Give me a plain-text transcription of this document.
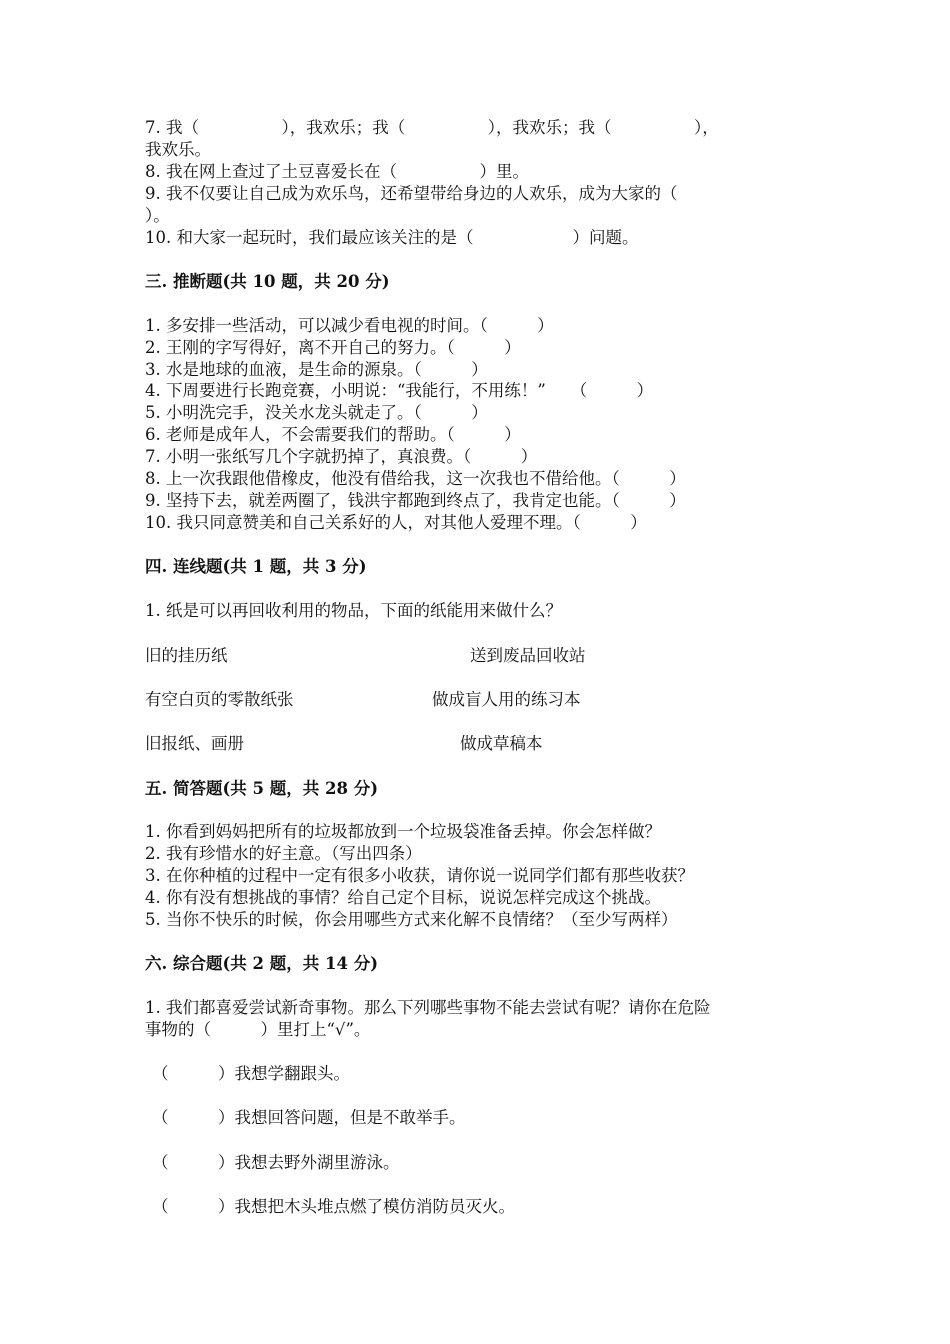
7. 我（　　　　　），我欢乐；我（　　　　　），我欢乐；我（　　　　　），
我欢乐。
8. 我在网上查过了土豆喜爱长在（　　　　　）里。
9. 我不仅要让自己成为欢乐鸟，还希望带给身边的人欢乐，成为大家的（
）。
10. 和大家一起玩时，我们最应该关注的是（　　　　　　）问题。
三. 推断题(共 10 题，共 20 分)
1. 多安排一些活动，可以减少看电视的时间。（　　　）
2. 王刚的字写得好，离不开自己的努力。（　　　）
3. 水是地球的血液，是生命的源泉。（　　　）
4. 下周要进行长跑竞赛，小明说：“我能行，不用练！”　　（　　　）
5. 小明洗完手，没关水龙头就走了。（　　　）
6. 老师是成年人，不会需要我们的帮助。（　　　）
7. 小明一张纸写几个字就扔掉了，真浪费。（　　　）
8. 上一次我跟他借橡皮，他没有借给我，这一次我也不借给他。（　　　）
9. 坚持下去，就差两圈了，钱洪宇都跑到终点了，我肯定也能。（　　　）
10. 我只同意赞美和自己关系好的人，对其他人爱理不理。（　　　）
四. 连线题(共 1 题，共 3 分)
1. 纸是可以再回收利用的物品，下面的纸能用来做什么？
旧的挂历纸	送到废品回收站
有空白页的零散纸张	做成盲人用的练习本
旧报纸、画册	做成草稿本
五. 简答题(共 5 题，共 28 分)
1. 你看到妈妈把所有的垃圾都放到一个垃圾袋准备丢掉。你会怎样做？
2. 我有珍惜水的好主意。（写出四条）
3. 在你种植的过程中一定有很多小收获，请你说一说同学们都有那些收获？
4. 你有没有想挑战的事情？给自己定个目标，说说怎样完成这个挑战。
5. 当你不快乐的时候，你会用哪些方式来化解不良情绪？（至少写两样）
六. 综合题(共 2 题，共 14 分)
1. 我们都喜爱尝试新奇事物。那么下列哪些事物不能去尝试有呢？请你在危险
事物的（　　　）里打上“√”。
（　　　）我想学翻跟头。
（　　　）我想回答问题，但是不敢举手。
（　　　）我想去野外湖里游泳。
（　　　）我想把木头堆点燃了模仿消防员灭火。
